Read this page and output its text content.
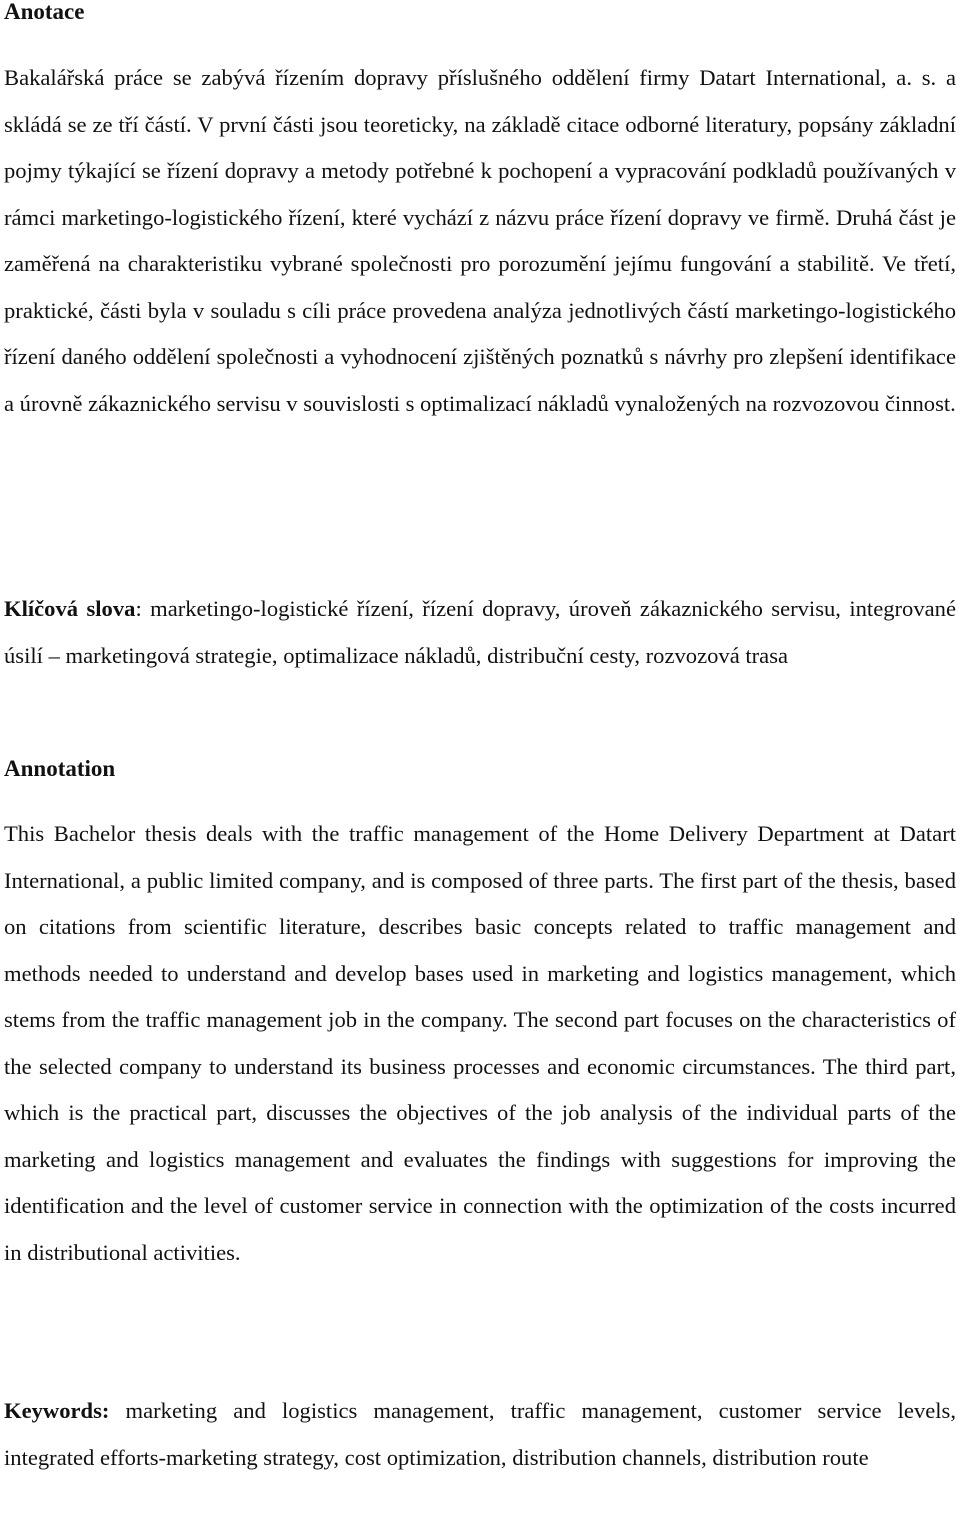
Anotace

Bakalářská práce se zabývá řízením dopravy příslušného oddělení firmy Datart International, a. s. a skládá se ze tří částí. V první části jsou teoreticky, na základě citace odborné literatury, popsány základní pojmy týkající se řízení dopravy a metody potřebné k pochopení a vypracování podkladů používaných v rámci marketingo-logistického řízení, které vychází z názvu práce řízení dopravy ve firmě. Druhá část je zaměřená na charakteristiku vybrané společnosti pro porozumění jejímu fungování a stabilitě. Ve třetí, praktické, části byla v souladu s cíli práce provedena analýza jednotlivých částí marketingo-logistického řízení daného oddělení společnosti a vyhodnocení zjištěných poznatků s návrhy pro zlepšení identifikace a úrovně zákaznického servisu v souvislosti s optimalizací nákladů vynaložených na rozvozovou činnost.

Klíčová slova: marketingo-logistické řízení, řízení dopravy, úroveň zákaznického servisu, integrované úsilí – marketingová strategie, optimalizace nákladů, distribuční cesty, rozvozová trasa

Annotation

This Bachelor thesis deals with the traffic management of the Home Delivery Department at Datart International, a public limited company, and is composed of three parts. The first part of the thesis, based on citations from scientific literature, describes basic concepts related to traffic management and methods needed to understand and develop bases used in marketing and logistics management, which stems from the traffic management job in the company. The second part focuses on the characteristics of the selected company to understand its business processes and economic circumstances. The third part, which is the practical part, discusses the objectives of the job analysis of the individual parts of the marketing and logistics management and evaluates the findings with suggestions for improving the identification and the level of customer service in connection with the optimization of the costs incurred in distributional activities.

Keywords: marketing and logistics management, traffic management, customer service levels, integrated efforts-marketing strategy, cost optimization, distribution channels, distribution route
